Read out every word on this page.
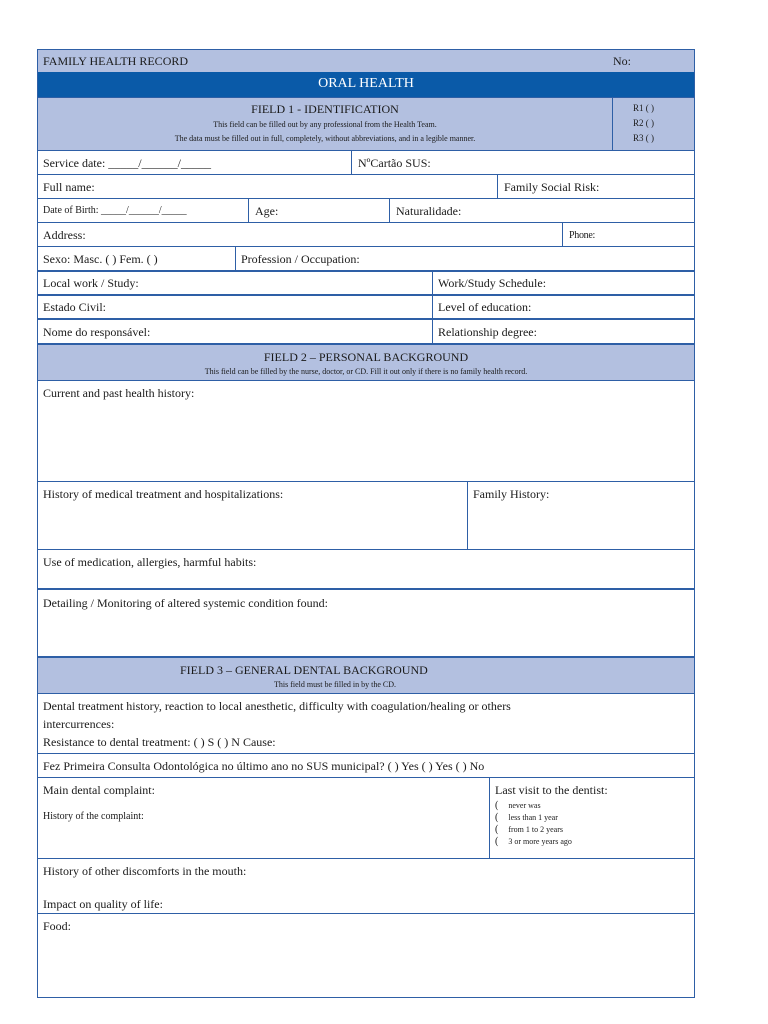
FAMILY HEALTH RECORD	No:
ORAL HEALTH
FIELD 1 - IDENTIFICATION
This field can be filled out by any professional from the Health Team.
The data must be filled out in full, completely, without abbreviations, and in a legible manner.
R1 ( )
R2 ( )
R3 ( )
Service date: _____/______/_____	NºCartão SUS:
Full name:	Family Social Risk:
Date of Birth: _____/______/_____	Age:	Naturalidade:
Address:	Phone:
Sexo: Masc. ( ) Fem. ( )	Profession / Occupation:
Local work / Study:	Work/Study Schedule:
Estado Civil:	Level of education:
Nome do responsável:	Relationship degree:
FIELD 2 – PERSONAL BACKGROUND
This field can be filled by the nurse, doctor, or CD. Fill it out only if there is no family health record.
Current and past health history:
History of medical treatment and hospitalizations:	Family History:
Use of medication, allergies, harmful habits:
Detailing / Monitoring of altered systemic condition found:
FIELD 3 – GENERAL DENTAL BACKGROUND
This field must be filled in by the CD.
Dental treatment history, reaction to local anesthetic, difficulty with coagulation/healing or others
intercurrences:
Resistance to dental treatment: ( ) S ( ) N Cause:
Fez Primeira Consulta Odontológica no último ano no SUS municipal? ( ) Yes ( ) Yes ( ) No
Main dental complaint:
History of the complaint:
Last visit to the dentist:
(    never was
(    less than 1 year
(    from 1 to 2 years
(    3 or more years ago
History of other discomforts in the mouth:
Impact on quality of life:
Food:
